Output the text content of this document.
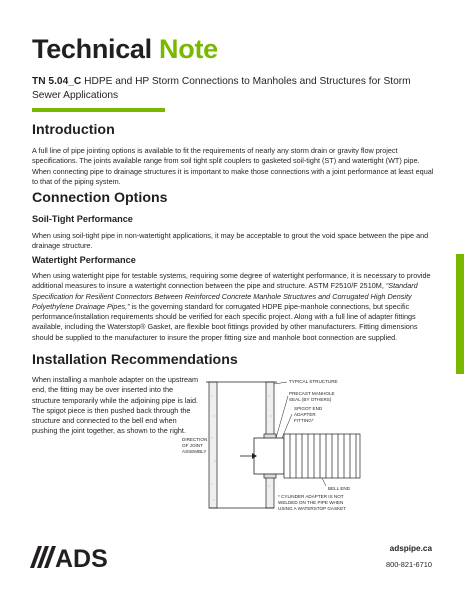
Technical Note
TN 5.04_C HDPE and HP Storm Connections to Manholes and Structures for Storm Sewer Applications
Introduction

A full line of pipe jointing options is available to fit the requirements of nearly any storm drain or gravity flow project specifications. The joints available range from soil tight split couplers to gasketed soil-tight (ST) and watertight (WT) pipe. When connecting pipe to drainage structures it is important to make those connections with a joint performance at least equal to that of the piping system.

Connection Options
Soil-Tight Performance

When using soil-tight pipe in non-watertight applications, it may be acceptable to grout the void space between the pipe and drainage structure.

Watertight Performance

When using watertight pipe for testable systems, requiring some degree of watertight performance, it is necessary to provide additional measures to insure a watertight connection between the pipe and structure. ASTM F2510/F 2510M, “Standard Specification for Resilient Connectors Between Reinforced Concrete Manhole Structures and Corrugated High Density Polyethylene Drainage Pipes,” is the governing standard for corrugated HDPE pipe-manhole connections, but specific performance/installation requirements should be verified for each specific project. Along with a full line of adapter fittings available, including the Waterstop® Gasket, are flexible boot fittings provided by other manufacturers. Fitting dimensions should be supplied to the manufacturer to insure the proper fitting size and manhole boot connection are supplied.

Installation Recommendations

When installing a manhole adapter on the upstream end, the fitting may be over inserted into the structure temporarily while the adjoining pipe is laid. The spigot piece is then pushed back through the structure and connected to the bell end when pushing the joint together, as shown to the right.

TYPICAL STRUCTURE
PRECAST MANHOLE
SEAL (BY OTHERS)
SPIGOT END
ADAPTER
FITTING*
DIRECTION
OF JOINT
ASSEMBLY
BELL END
* CYLINDER ADAPTER IS NOT
WELDED ON THE PIPE WHEN
USING A WATERSTOP GASKET
ADS	adspipe.ca
800-821-6710
